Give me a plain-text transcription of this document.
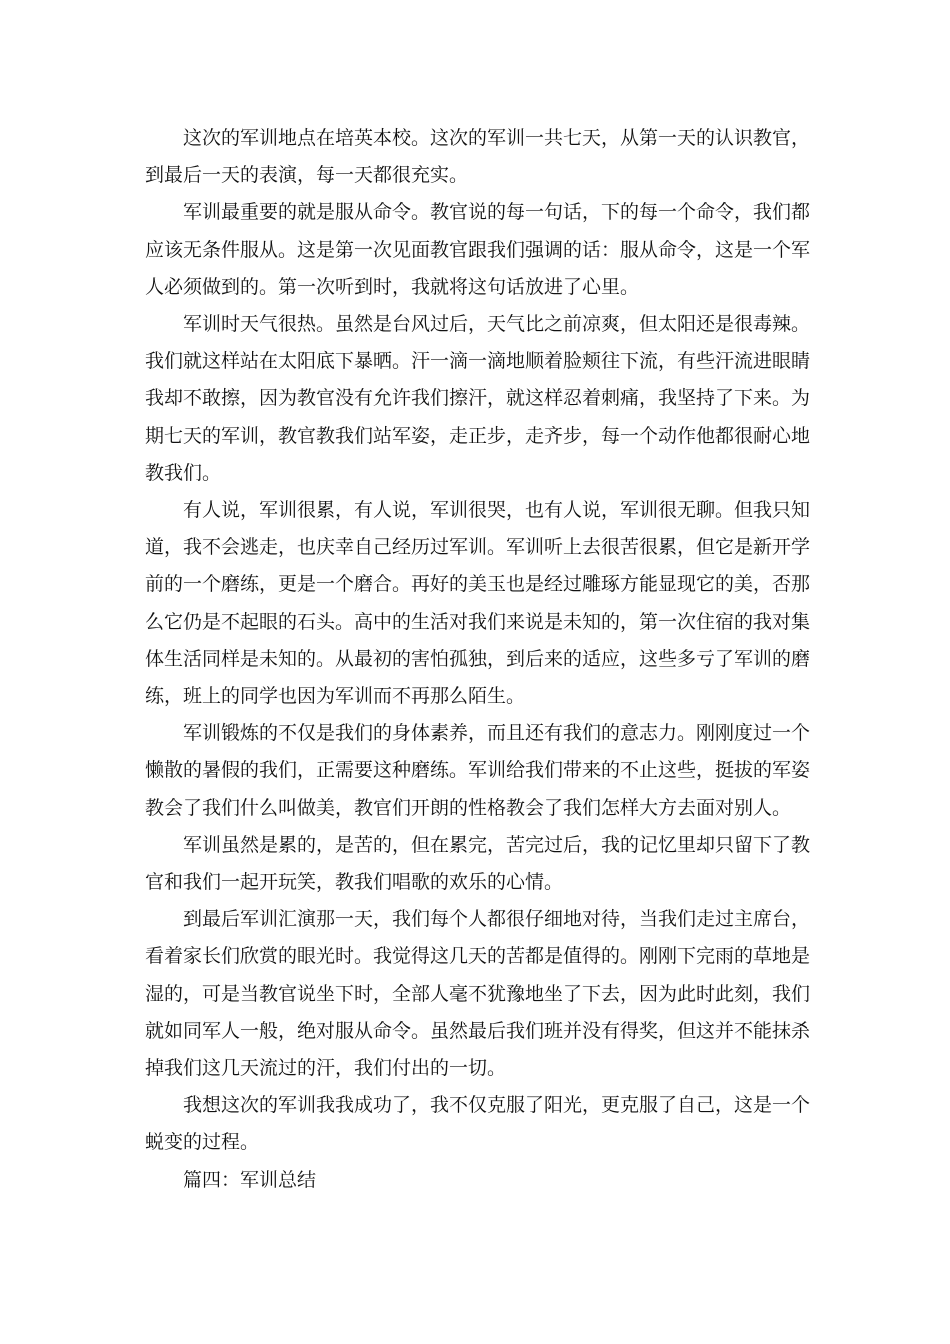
这次的军训地点在培英本校。这次的军训一共七天，从第一天的认识教官，到最后一天的表演，每一天都很充实。

军训最重要的就是服从命令。教官说的每一句话，下的每一个命令，我们都应该无条件服从。这是第一次见面教官跟我们强调的话：服从命令，这是一个军人必须做到的。第一次听到时，我就将这句话放进了心里。

军训时天气很热。虽然是台风过后，天气比之前凉爽，但太阳还是很毒辣。我们就这样站在太阳底下暴晒。汗一滴一滴地顺着脸颊往下流，有些汗流进眼睛我却不敢擦，因为教官没有允许我们擦汗，就这样忍着刺痛，我坚持了下来。为期七天的军训，教官教我们站军姿，走正步，走齐步，每一个动作他都很耐心地教我们。

有人说，军训很累，有人说，军训很哭，也有人说，军训很无聊。但我只知道，我不会逃走，也庆幸自己经历过军训。军训听上去很苦很累，但它是新开学前的一个磨练，更是一个磨合。再好的美玉也是经过雕琢方能显现它的美，否那么它仍是不起眼的石头。高中的生活对我们来说是未知的，第一次住宿的我对集体生活同样是未知的。从最初的害怕孤独，到后来的适应，这些多亏了军训的磨练，班上的同学也因为军训而不再那么陌生。

军训锻炼的不仅是我们的身体素养，而且还有我们的意志力。刚刚度过一个懒散的暑假的我们，正需要这种磨练。军训给我们带来的不止这些，挺拔的军姿教会了我们什么叫做美，教官们开朗的性格教会了我们怎样大方去面对别人。

军训虽然是累的，是苦的，但在累完，苦完过后，我的记忆里却只留下了教官和我们一起开玩笑，教我们唱歌的欢乐的心情。

到最后军训汇演那一天，我们每个人都很仔细地对待，当我们走过主席台，看着家长们欣赏的眼光时。我觉得这几天的苦都是值得的。刚刚下完雨的草地是湿的，可是当教官说坐下时，全部人毫不犹豫地坐了下去，因为此时此刻，我们就如同军人一般，绝对服从命令。虽然最后我们班并没有得奖，但这并不能抹杀掉我们这几天流过的汗，我们付出的一切。

我想这次的军训我我成功了，我不仅克服了阳光，更克服了自己，这是一个蜕变的过程。

篇四：军训总结
